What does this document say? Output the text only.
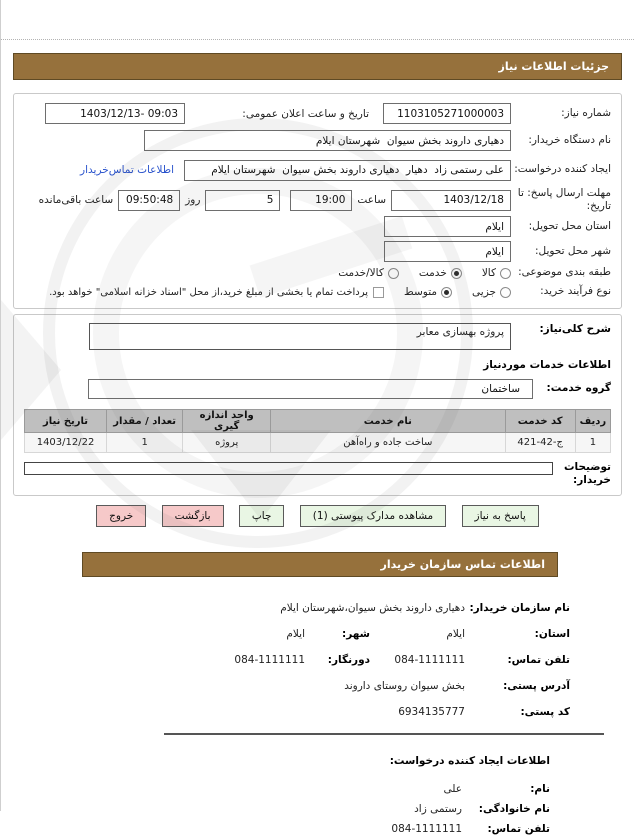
جزئیات اطلاعات نیاز
شماره نیاز:
1103105271000003
تاریخ و ساعت اعلان عمومی:
1403/12/13- 09:03
نام دستگاه خریدار:
دهیاری داروند بخش سیوان شهرستان ایلام
ایجاد کننده درخواست:
علی رستمی زاد دهیار دهیاری داروند بخش سیوان شهرستان ایلام
اطلاعات تماس‌خریدار
مهلت ارسال پاسخ: تا تاریخ:
1403/12/18
ساعت
19:00
5
روز
09:50:48
ساعت باقی‌مانده
استان محل تحویل:
ایلام
شهر محل تحویل:
ایلام
طبقه بندی موضوعی:
کالا
خدمت
کالا/خدمت
نوع فرآیند خرید:
جزیی
متوسط
پرداخت تمام یا بخشی از مبلغ خرید،از محل "اسناد خزانه اسلامی" خواهد بود.
شرح کلی‌نیاز:
پروژه بهسازی معابر
اطلاعات خدمات موردنیاز
گروه خدمت:
ساختمان
ردیف	کد خدمت	نام خدمت	واحد اندازه گیری	تعداد / مقدار	تاریخ نیاز
1	ج-42-421	ساخت جاده و راه‌آهن	پروژه	1	1403/12/22
توضیحات خریدار:
پاسخ به نیاز مشاهده مدارک پیوستی (1) چاپ بازگشت خروج
اطلاعات تماس سازمان خریدار
نام سازمان خریدار:
دهیاری داروند بخش سیوان،شهرستان ایلام
استان:
ایلام
شهر:
ایلام
تلفن تماس:
084-1111111
دورنگار:
084-1111111
آدرس پستی:
بخش سیوان روستای داروند
کد پستی:
6934135777
اطلاعات ایجاد کننده درخواست:
نام:
علی
نام خانوادگی:
رستمی زاد
تلفن تماس:
084-1111111
